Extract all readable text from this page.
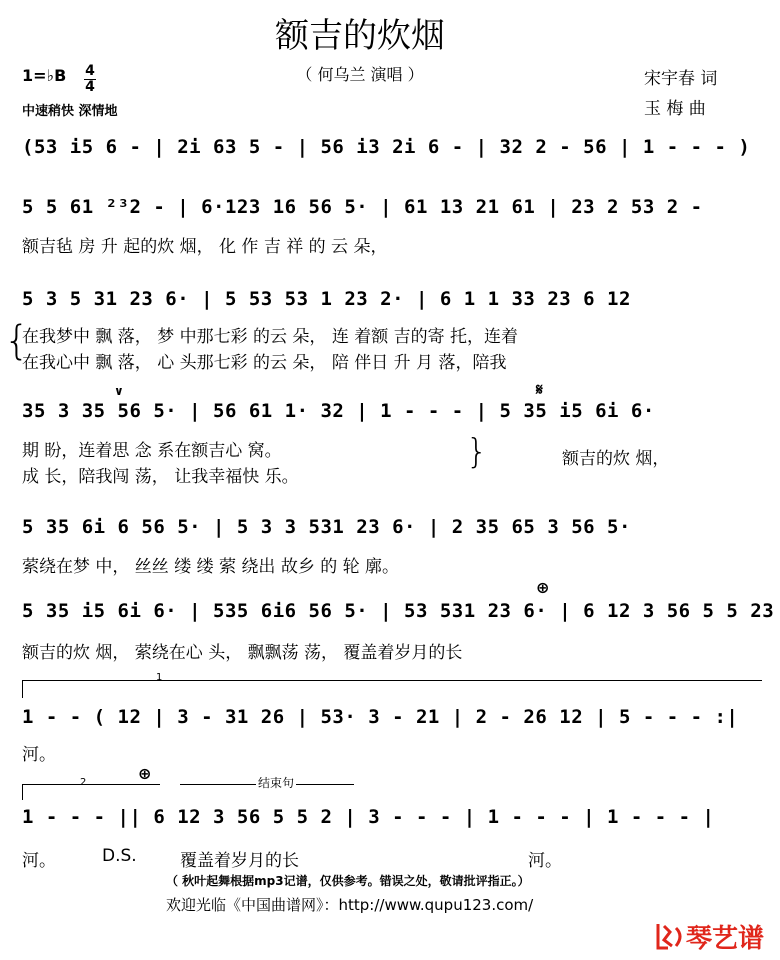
额吉的炊烟
（ 何乌兰 演唱 ）
1=♭B 4
4
中速稍快 深情地
宋宇春 词
玉 梅 曲
(53 i5 6 - | 2i 63 5 - | 56 i3 2i 6 - | 32 2 - 56 | 1 - - - )
5 5 61 ²³2 - | 6·123 16 56 5· | 61 13 21 61 | 23 2 53 2 -
额吉毡 房 升 起的炊 烟， 化 作 吉 祥 的 云 朵，
5 3 5 31 23 6· | 5 53 53 1 23 2· | 6 1 1 33 23 6 12
{
在我梦中 飘 落， 梦 中那七彩 的云 朵， 连 着额 吉的寄 托，连着
在我心中 飘 落， 心 头那七彩 的云 朵， 陪 伴日 升 月 落，陪我
∨	𝄋
35 3 35 56 5· | 56 61 1· 32 | 1 - - - | 5 35 i5 6i 6·
期 盼，连着思 念 系在额吉心 窝。
成 长，陪我闯 荡， 让我幸福快 乐。
}	额吉的炊 烟，
5 35 6i 6 56 5· | 5 3 3 531 23 6· | 2 35 65 3 56 5·
萦绕在梦 中， 丝丝 缕 缕 萦 绕出 故乡 的 轮 廓。
⊕
5 35 i5 6i 6· | 535 6i6 56 5· | 53 531 23 6· | 6 12 3 56 5 5 23
额吉的炊 烟， 萦绕在心 头， 飘飘荡 荡， 覆盖着岁月的长
1
1 - - ( 12 | 3 - 31 26 | 53· 3 - 21 | 2 - 26 12 | 5 - - - :|
河。
2	⊕	结束句
1 - - - || 6 12 3 56 5 5 2 | 3 - - - | 1 - - - | 1 - - - |
河。	D.S.	覆盖着岁月的长	河。
（ 秋叶起舞根据mp3记谱，仅供参考。错误之处，敬请批评指正。）
欢迎光临《中国曲谱网》：http://www.qupu123.com/
琴艺谱
